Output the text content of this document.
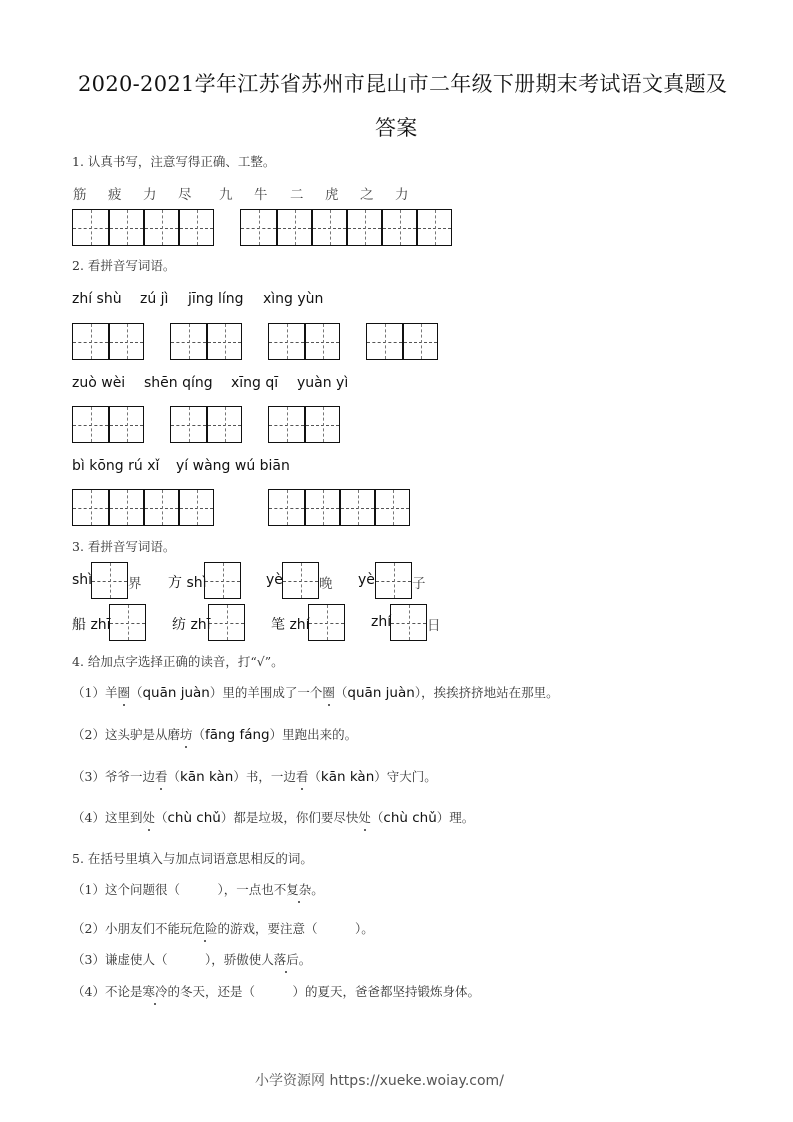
2020-2021学年江苏省苏州市昆山市二年级下册期末考试语文真题及
答案
1. 认真书写，注意写得正确、工整。
筋 疲 力 尽 九 牛 二 虎 之 力
2. 看拼音写词语。
zhí shù zú jì jīng líng xìng yùn
zuò wèi shēn qíng xīng qī yuàn yì
bì kōng rú xǐ yí wàng wú biān
3. 看拼音写词语。
shì	界 方 shì	yè	晚 yè	子
船 zhī	纺 zhī	笔 zhí	zhí	日
4. 给加点字选择正确的读音，打“√”。
（1）羊圈（quān juàn）里的羊围成了一个圈（quān juàn），挨挨挤挤地站在那里。
（2）这头驴是从磨坊（fāng fáng）里跑出来的。
（3）爷爷一边看（kān kàn）书，一边看（kān kàn）守大门。
（4）这里到处（chù chǔ）都是垃圾，你们要尽快处（chù chǔ）理。
5. 在括号里填入与加点词语意思相反的词。
（1）这个问题很（　　　），一点也不复杂。
（2）小朋友们不能玩危险的游戏，要注意（　　　）。
（3）谦虚使人（　　　），骄傲使人落后。
（4）不论是寒冷的冬天，还是（　　　）的夏天，爸爸都坚持锻炼身体。
小学资源网 https://xueke.woiay.com/
